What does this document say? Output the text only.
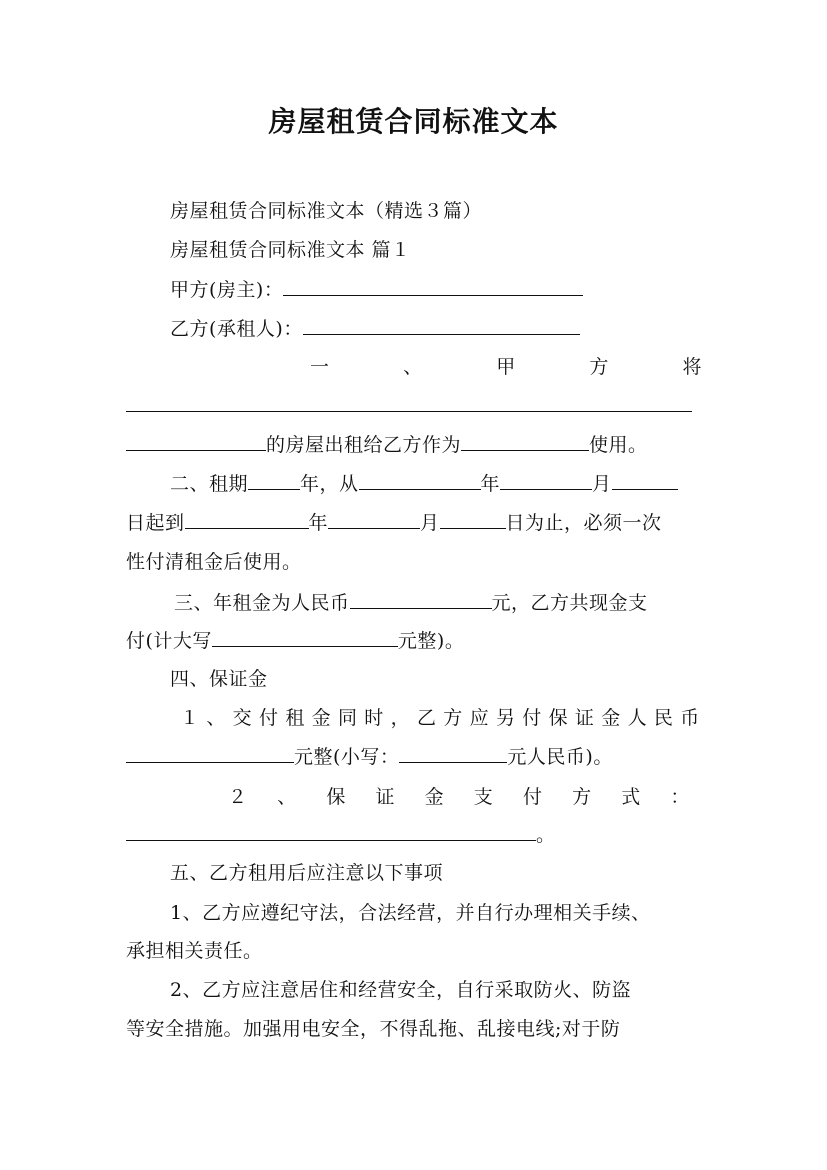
房屋租赁合同标准文本
房屋租赁合同标准文本（精选３篇）
房屋租赁合同标准文本 篇１
甲方(房主)：
乙方(承租人)：
一	、	甲	方	将
的房屋出租给乙方作为	使用。
二、租期	年，从	年	月
日起到	年	月	日为止，必须一次
性付清租金后使用。
三、年租金为人民币	元，乙方共现金支
付(计大写	元整)。
四、保证金
１ 、 交 付 租 金 同 时 ， 乙 方 应 另 付 保 证 金 人 民 币
元整(小写：	元人民币)。
２ 、 保 证 金 支 付 方 式 ：
。
五、乙方租用后应注意以下事项
1、乙方应遵纪守法，合法经营，并自行办理相关手续、
承担相关责任。
2、乙方应注意居住和经营安全，自行采取防火、防盗
等安全措施。加强用电安全，不得乱拖、乱接电线;对于防
